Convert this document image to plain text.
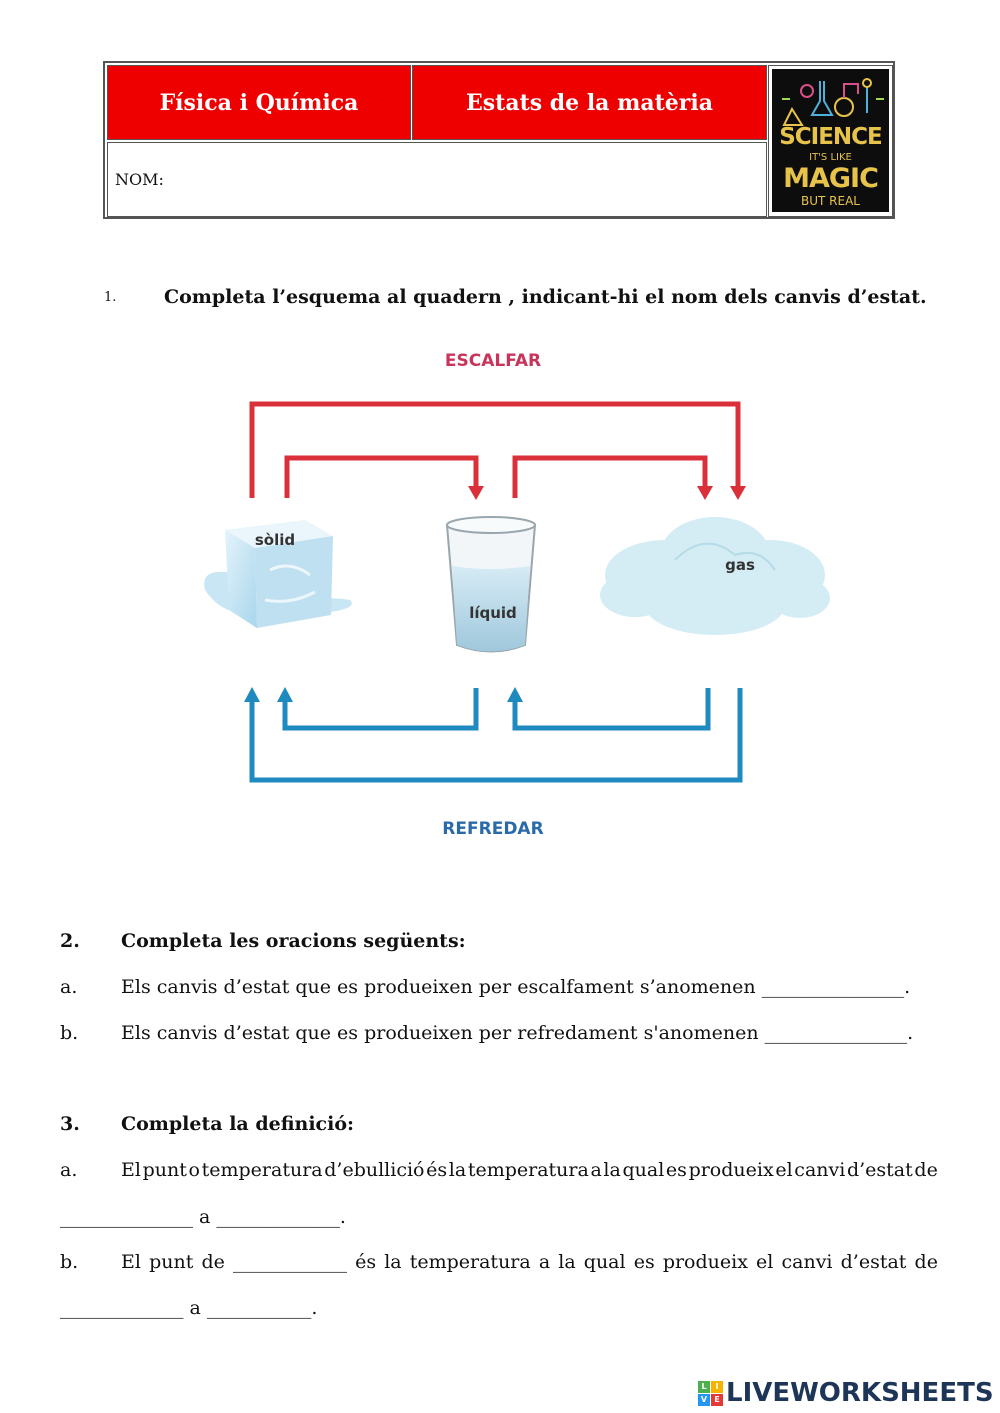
Física i Química	Estats de la matèria
NOM:
SCIENCE
IT'S LIKE
MAGIC
BUT REAL
1.	Completa l’esquema al quadern , indicant-hi el nom dels canvis d’estat.
ESCALFAR
sòlid
líquid
gas
REFREDAR
2. Completa les oracions següents:
a. Els canvis d’estat que es produeixen per escalfament s’anomenen _______________.
b. Els canvis d’estat que es produeixen per refredament s'anomenen _______________.
3. Completa la definició:
a. El punt o temperatura d’ebullició és la temperatura a la qual es produeix el canvi d’estat de
______________ a _____________.
b. El punt de ____________ és la temperatura a la qual es produeix el canvi d’estat de
_____________ a ___________.
L	I
V E LIVEWORKSHEETS
